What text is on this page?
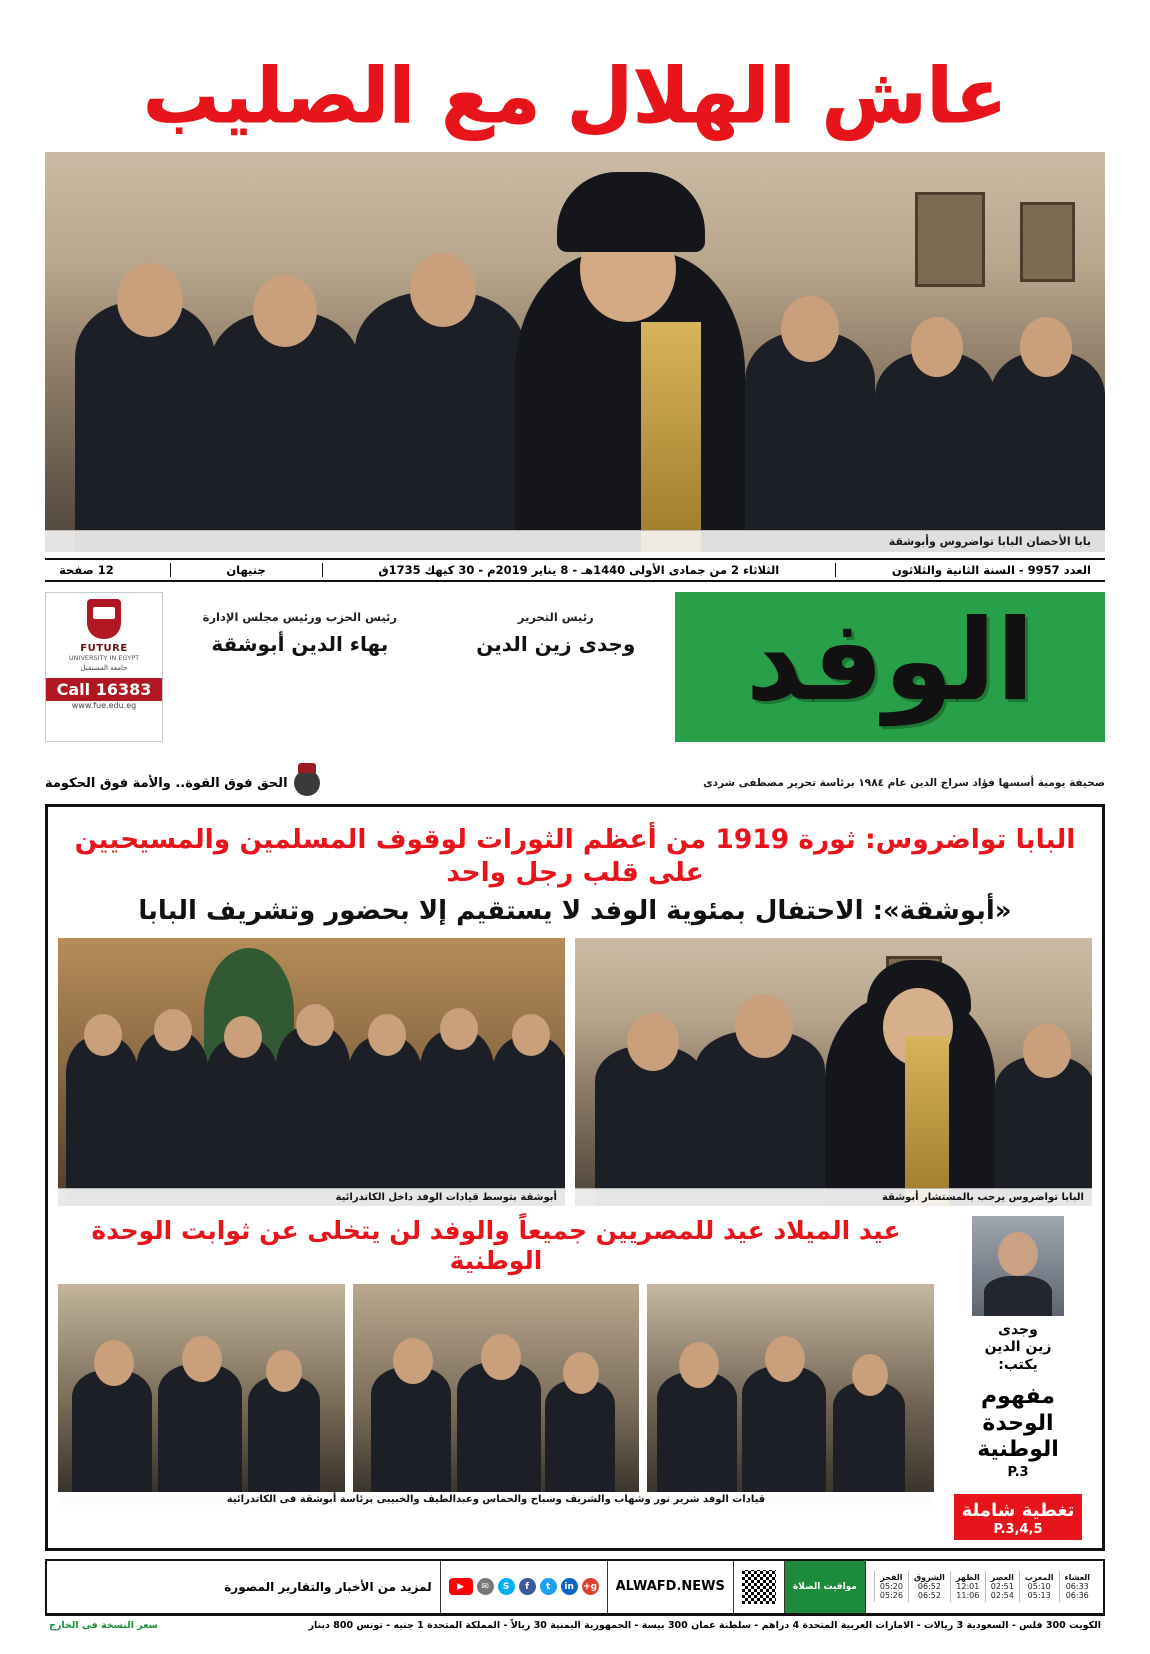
عاش الهلال مع الصليب
بابا الأحضان البابا تواضروس وأبوشقة
العدد 9957 - السنة الثانية والثلاثون
الثلاثاء 2 من جمادى الأولى 1440هـ - 8 يناير 2019م - 30 كيهك 1735ق
جنيهان
12 صفحة
الوفد
رئيس التحرير
وجدى زين الدين
رئيس الحزب ورئيس مجلس الإدارة
بهاء الدين أبوشقة
FUTURE
UNIVERSITY IN EGYPT
جامعة المستقبل
Call 16383
www.fue.edu.eg
صحيفة يومية أسسها فؤاد سراج الدين عام ١٩٨٤ برئاسة تحرير مصطفى شردى
الحق فوق القوة.. والأمة فوق الحكومة
البابا تواضروس: ثورة 1919 من أعظم الثورات لوقوف المسلمين والمسيحيين على قلب رجل واحد
«أبوشقة»: الاحتفال بمئوية الوفد لا يستقيم إلا بحضور وتشريف البابا
البابا تواضروس يرحب بالمستشار أبوشقة
أبوشقة بتوسط قيادات الوفد داخل الكاتدرائية
وجدى
زين الدين
يكتب:
مفهوم الوحدة الوطنية
P.3
تغطية شاملة
P.3,4,5
عيد الميلاد عيد للمصريين جميعاً والوفد لن يتخلى عن ثوابت الوحدة الوطنية
قيادات الوفد شرير نور وشهاب والشريف وسباح والحماس وعبدالطيف والخبيبى برئاسة أبوشقة فى الكاتدرائية
العشاء
06:33
06:36
المغرب
05:10
05:13
العصر
02:51
02:54
الظهر
12:01
11:06
الشروق
06:52
06:52
الفجر
05:20
05:26
مواقيت الصلاة
ALWAFD.NEWS
g+
in
t
f
S
✉
▶
لمزيد من الأخبار والتقارير المصورة
الكويت 300 فلس - السعودية 3 ريالات - الامارات العربية المتحدة 4 دراهم - سلطنة عمان 300 بيسة - الجمهورية اليمنية 30 ريالاً - المملكة المتحدة 1 جنيه - تونس 800 دينار
سعر النسخة فى الخارج
